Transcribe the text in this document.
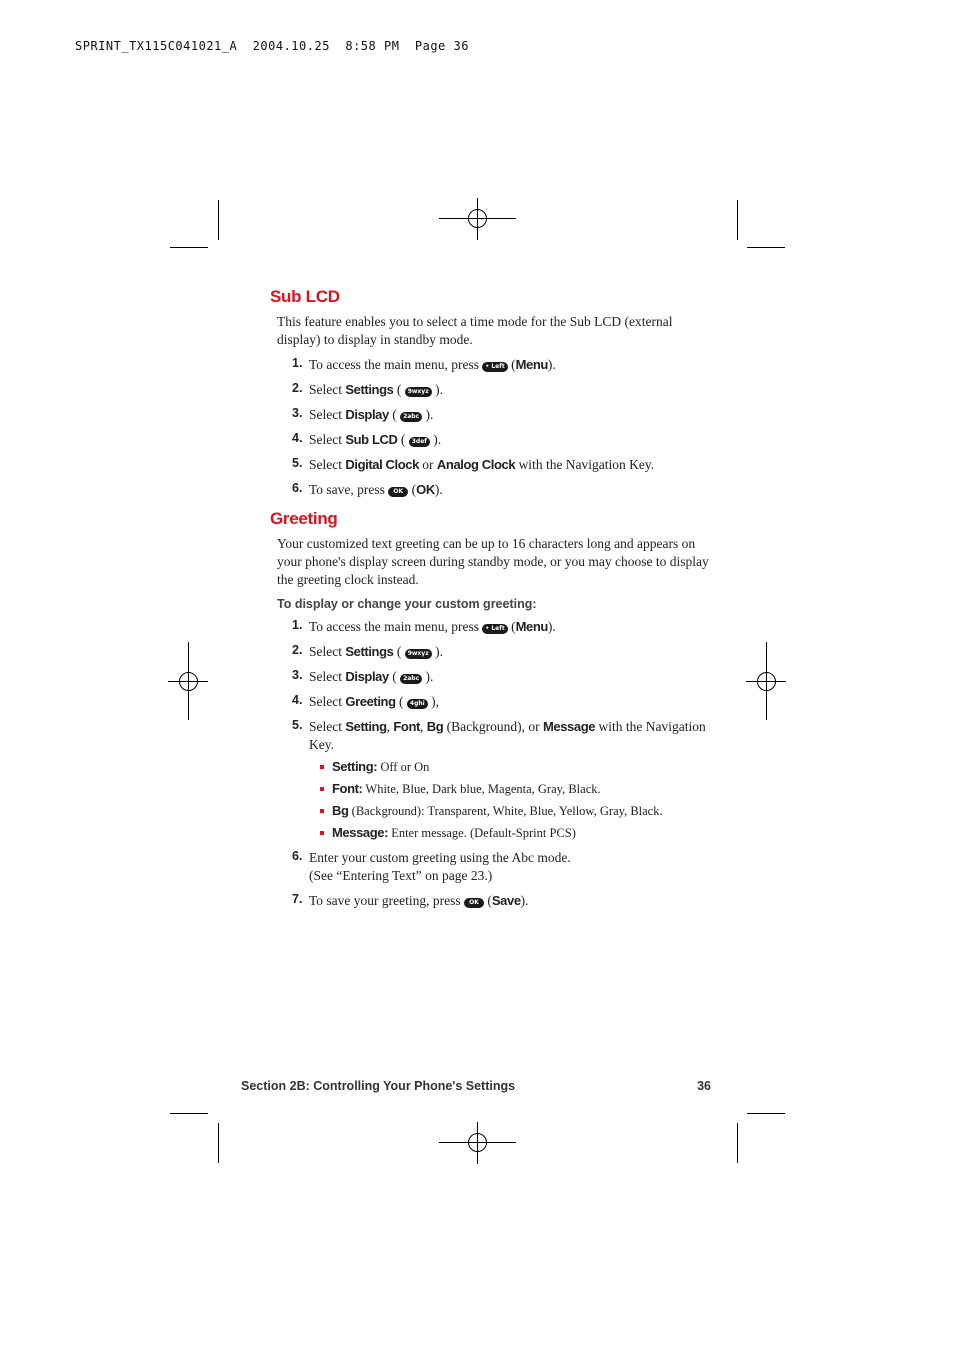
SPRINT_TX115C041021_A  2004.10.25  8:58 PM  Page 36
Sub LCD
This feature enables you to select a time mode for the Sub LCD (external display) to display in standby mode.
1. To access the main menu, press • Left (Menu).
2. Select Settings ( 9wxyz ).
3. Select Display ( 2abc ).
4. Select Sub LCD ( 3def ).
5. Select Digital Clock or Analog Clock with the Navigation Key.
6. To save, press OK (OK).
Greeting
Your customized text greeting can be up to 16 characters long and appears on your phone's display screen during standby mode, or you may choose to display the greeting clock instead.
To display or change your custom greeting:
1. To access the main menu, press • Left (Menu).
2. Select Settings ( 9wxyz ).
3. Select Display ( 2abc ).
4. Select Greeting ( 4ghi ),
5. Select Setting, Font, Bg (Background), or Message with the Navigation Key.
Setting: Off or On
Font: White, Blue, Dark blue, Magenta, Gray, Black.
Bg (Background): Transparent, White, Blue, Yellow, Gray, Black.
Message: Enter message. (Default-Sprint PCS)
6. Enter your custom greeting using the Abc mode.
(See “Entering Text” on page 23.)
7. To save your greeting, press OK (Save).
Section 2B: Controlling Your Phone's Settings	36
